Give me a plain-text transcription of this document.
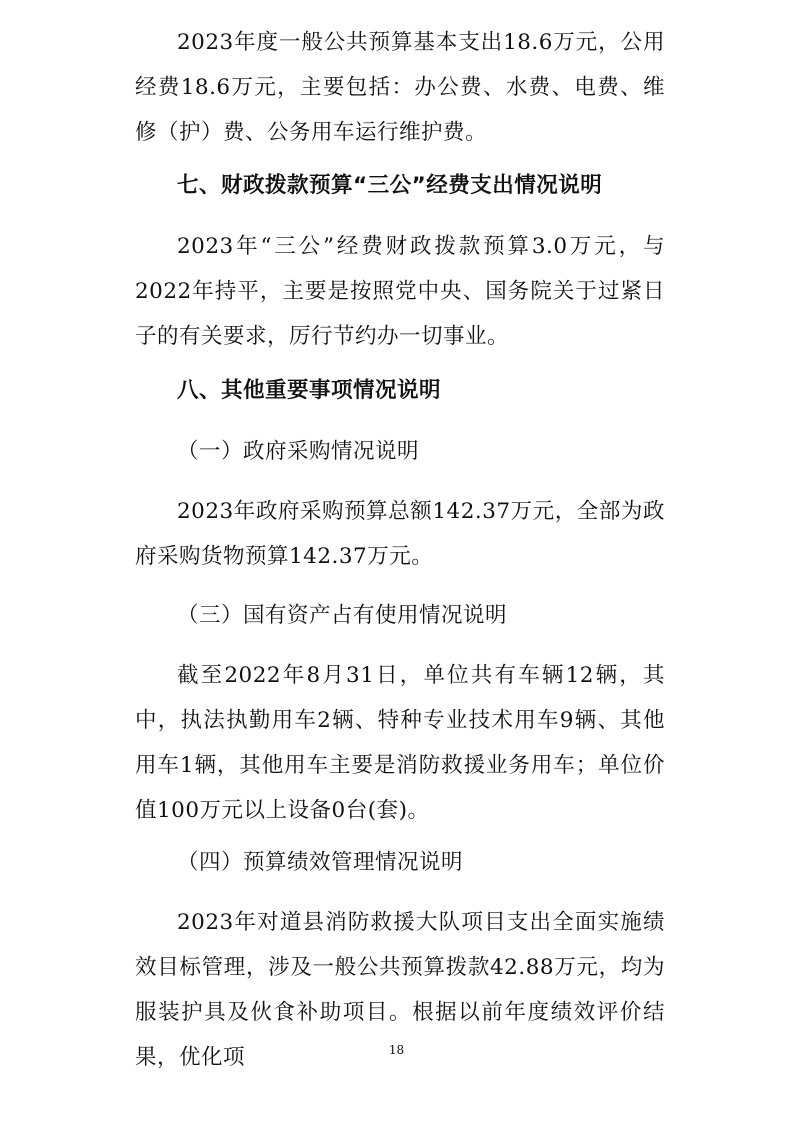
2023年度一般公共预算基本支出18.6万元，公用经费18.6万元，主要包括：办公费、水费、电费、维修（护）费、公务用车运行维护费。

七、财政拨款预算“三公”经费支出情况说明

2023年“三公”经费财政拨款预算3.0万元，与2022年持平，主要是按照党中央、国务院关于过紧日子的有关要求，厉行节约办一切事业。

八、其他重要事项情况说明

（一）政府采购情况说明

2023年政府采购预算总额142.37万元，全部为政府采购货物预算142.37万元。

（三）国有资产占有使用情况说明

截至2022年8月31日，单位共有车辆12辆，其中，执法执勤用车2辆、特种专业技术用车9辆、其他用车1辆，其他用车主要是消防救援业务用车；单位价值100万元以上设备0台(套)。

（四）预算绩效管理情况说明

2023年对道县消防救援大队项目支出全面实施绩效目标管理，涉及一般公共预算拨款42.88万元，均为服装护具及伙食补助项目。根据以前年度绩效评价结果，优化项	18
